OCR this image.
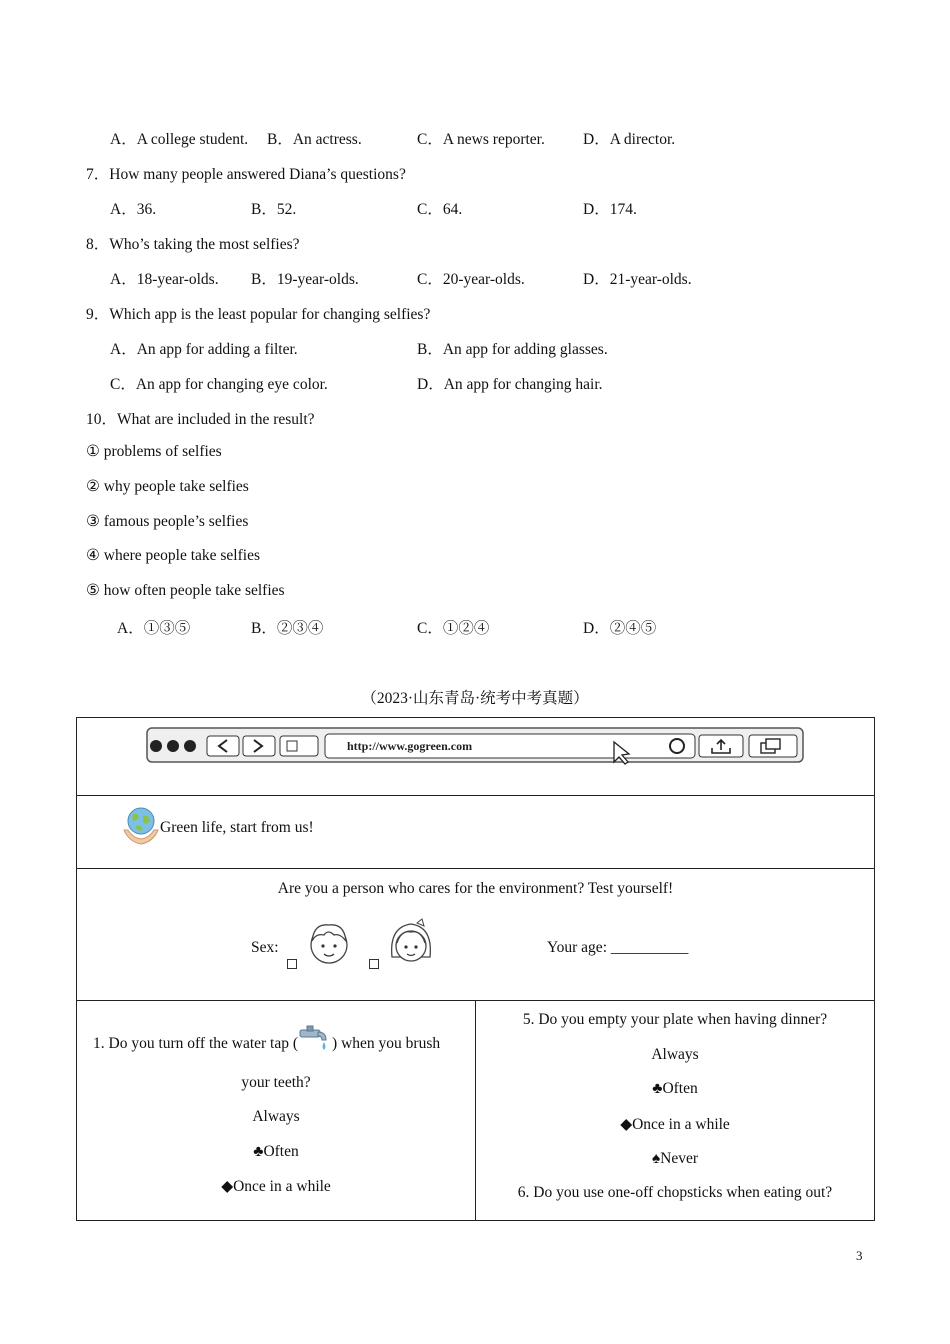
A．A college student. B．An actress.	C．A news reporter. D．A director.
7．How many people answered Diana’s questions?
A．36.	B．52.	C．64.	D．174.
8．Who’s taking the most selfies?
A．18-year-olds. B．19-year-olds.	C．20-year-olds.	D．21-year-olds.
9．Which app is the least popular for changing selfies?
A．An app for adding a filter.	B．An app for adding glasses.
C．An app for changing eye color.	D．An app for changing hair.
10．What are included in the result?
① problems of selfies
② why people take selfies
③ famous people’s selfies
④ where people take selfies
⑤ how often people take selfies
A．①③⑤	B．②③④	C．①②④	D．②④⑤
（2023·山东青岛·统考中考真题）
http://www.gogreen.com

Green life, start from us!

Are you a person who cares for the environment? Test yourself!
Sex:	Your age: __________

1. Do you turn off the water tap ( ) when you brush
your teeth?
Always
♣Often
◆Once in a while

5. Do you empty your plate when having dinner?
Always
♣Often
◆Once in a while
♠Never
6. Do you use one-off chopsticks when eating out?
3
